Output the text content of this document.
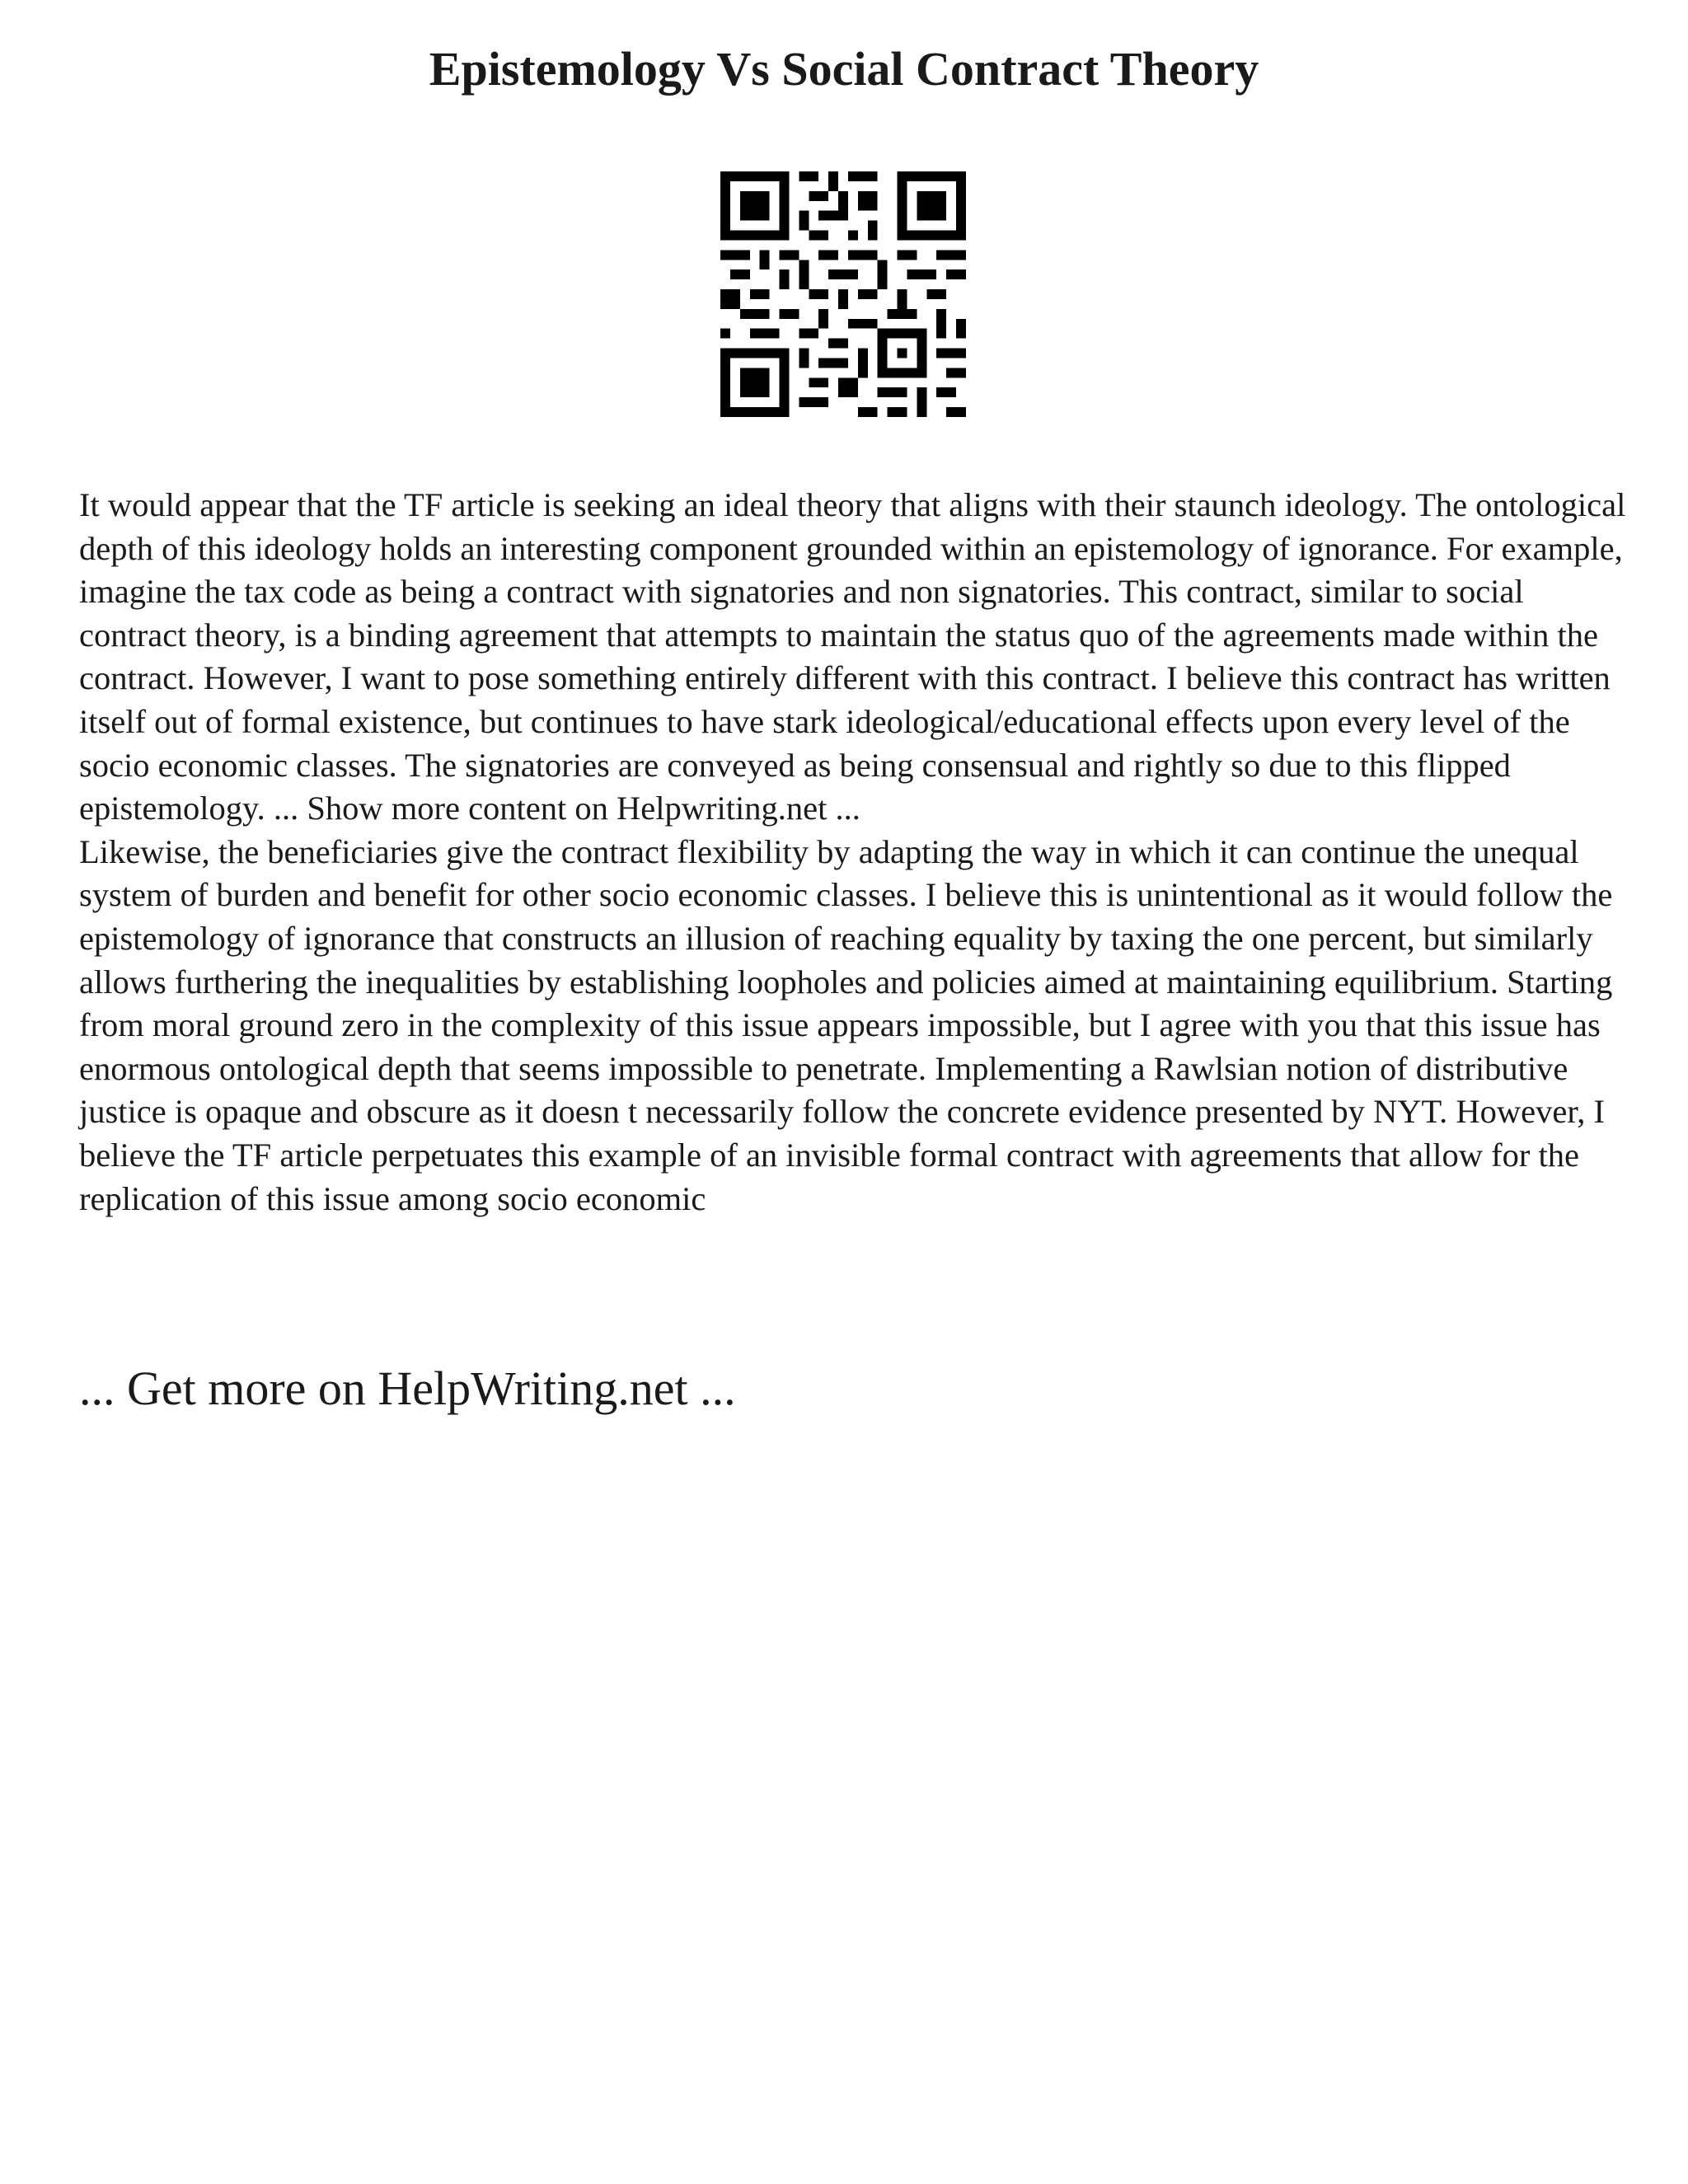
Epistemology Vs Social Contract Theory

It would appear that the TF article is seeking an ideal theory that aligns with their staunch ideology. The ontological depth of this ideology holds an interesting component grounded within an epistemology of ignorance. For example, imagine the tax code as being a contract with signatories and non signatories. This contract, similar to social contract theory, is a binding agreement that attempts to maintain the status quo of the agreements made within the contract. However, I want to pose something entirely different with this contract. I believe this contract has written itself out of formal existence, but continues to have stark ideological/educational effects upon every level of the socio economic classes. The signatories are conveyed as being consensual and rightly so due to this flipped epistemology. ... Show more content on Helpwriting.net ...

Likewise, the beneficiaries give the contract flexibility by adapting the way in which it can continue the unequal system of burden and benefit for other socio economic classes. I believe this is unintentional as it would follow the epistemology of ignorance that constructs an illusion of reaching equality by taxing the one percent, but similarly allows furthering the inequalities by establishing loopholes and policies aimed at maintaining equilibrium. Starting from moral ground zero in the complexity of this issue appears impossible, but I agree with you that this issue has enormous ontological depth that seems impossible to penetrate. Implementing a Rawlsian notion of distributive justice is opaque and obscure as it doesn t necessarily follow the concrete evidence presented by NYT. However, I believe the TF article perpetuates this example of an invisible formal contract with agreements that allow for the replication of this issue among socio economic

... Get more on HelpWriting.net ...
